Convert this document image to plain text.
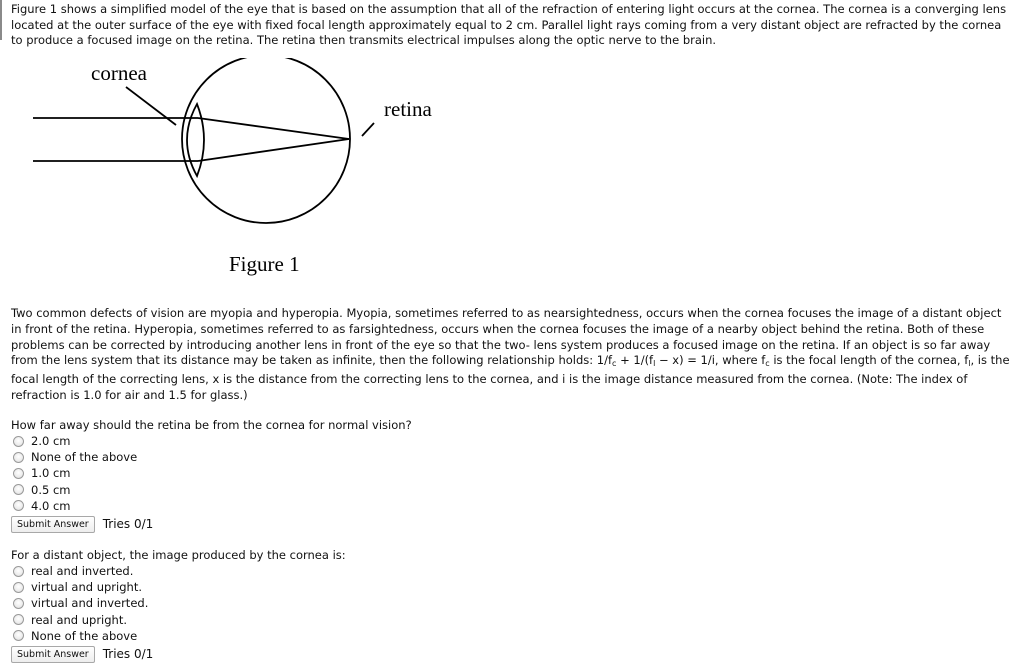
Figure 1 shows a simplified model of the eye that is based on the assumption that all of the refraction of entering light occurs at the cornea. The cornea is a converging lens located at the outer surface of the eye with fixed focal length approximately equal to 2 cm. Parallel light rays coming from a very distant object are refracted by the cornea to produce a focused image on the retina. The retina then transmits electrical impulses along the optic nerve to the brain.

cornea
retina
Figure 1

Two common defects of vision are myopia and hyperopia. Myopia, sometimes referred to as nearsightedness, occurs when the cornea focuses the image of a distant object in front of the retina. Hyperopia, sometimes referred to as farsightedness, occurs when the cornea focuses the image of a nearby object behind the retina. Both of these problems can be corrected by introducing another lens in front of the eye so that the two- lens system produces a focused image on the retina. If an object is so far away from the lens system that its distance may be taken as infinite, then the following relationship holds: $1/f_c + 1/(f_l - x) = 1/i$, where $f_c$ is the focal length of the cornea, $f_l$, is the focal length of the correcting lens, x is the distance from the correcting lens to the cornea, and i is the image distance measured from the cornea. (Note: The index of refraction is 1.0 for air and 1.5 for glass.)

How far away should the retina be from the cornea for normal vision?
2.0 cm
None of the above
1.0 cm
0.5 cm
4.0 cm
Submit Answer	Tries 0/1
For a distant object, the image produced by the cornea is:
real and inverted.
virtual and upright.
virtual and inverted.
real and upright.
None of the above
Submit Answer	Tries 0/1
